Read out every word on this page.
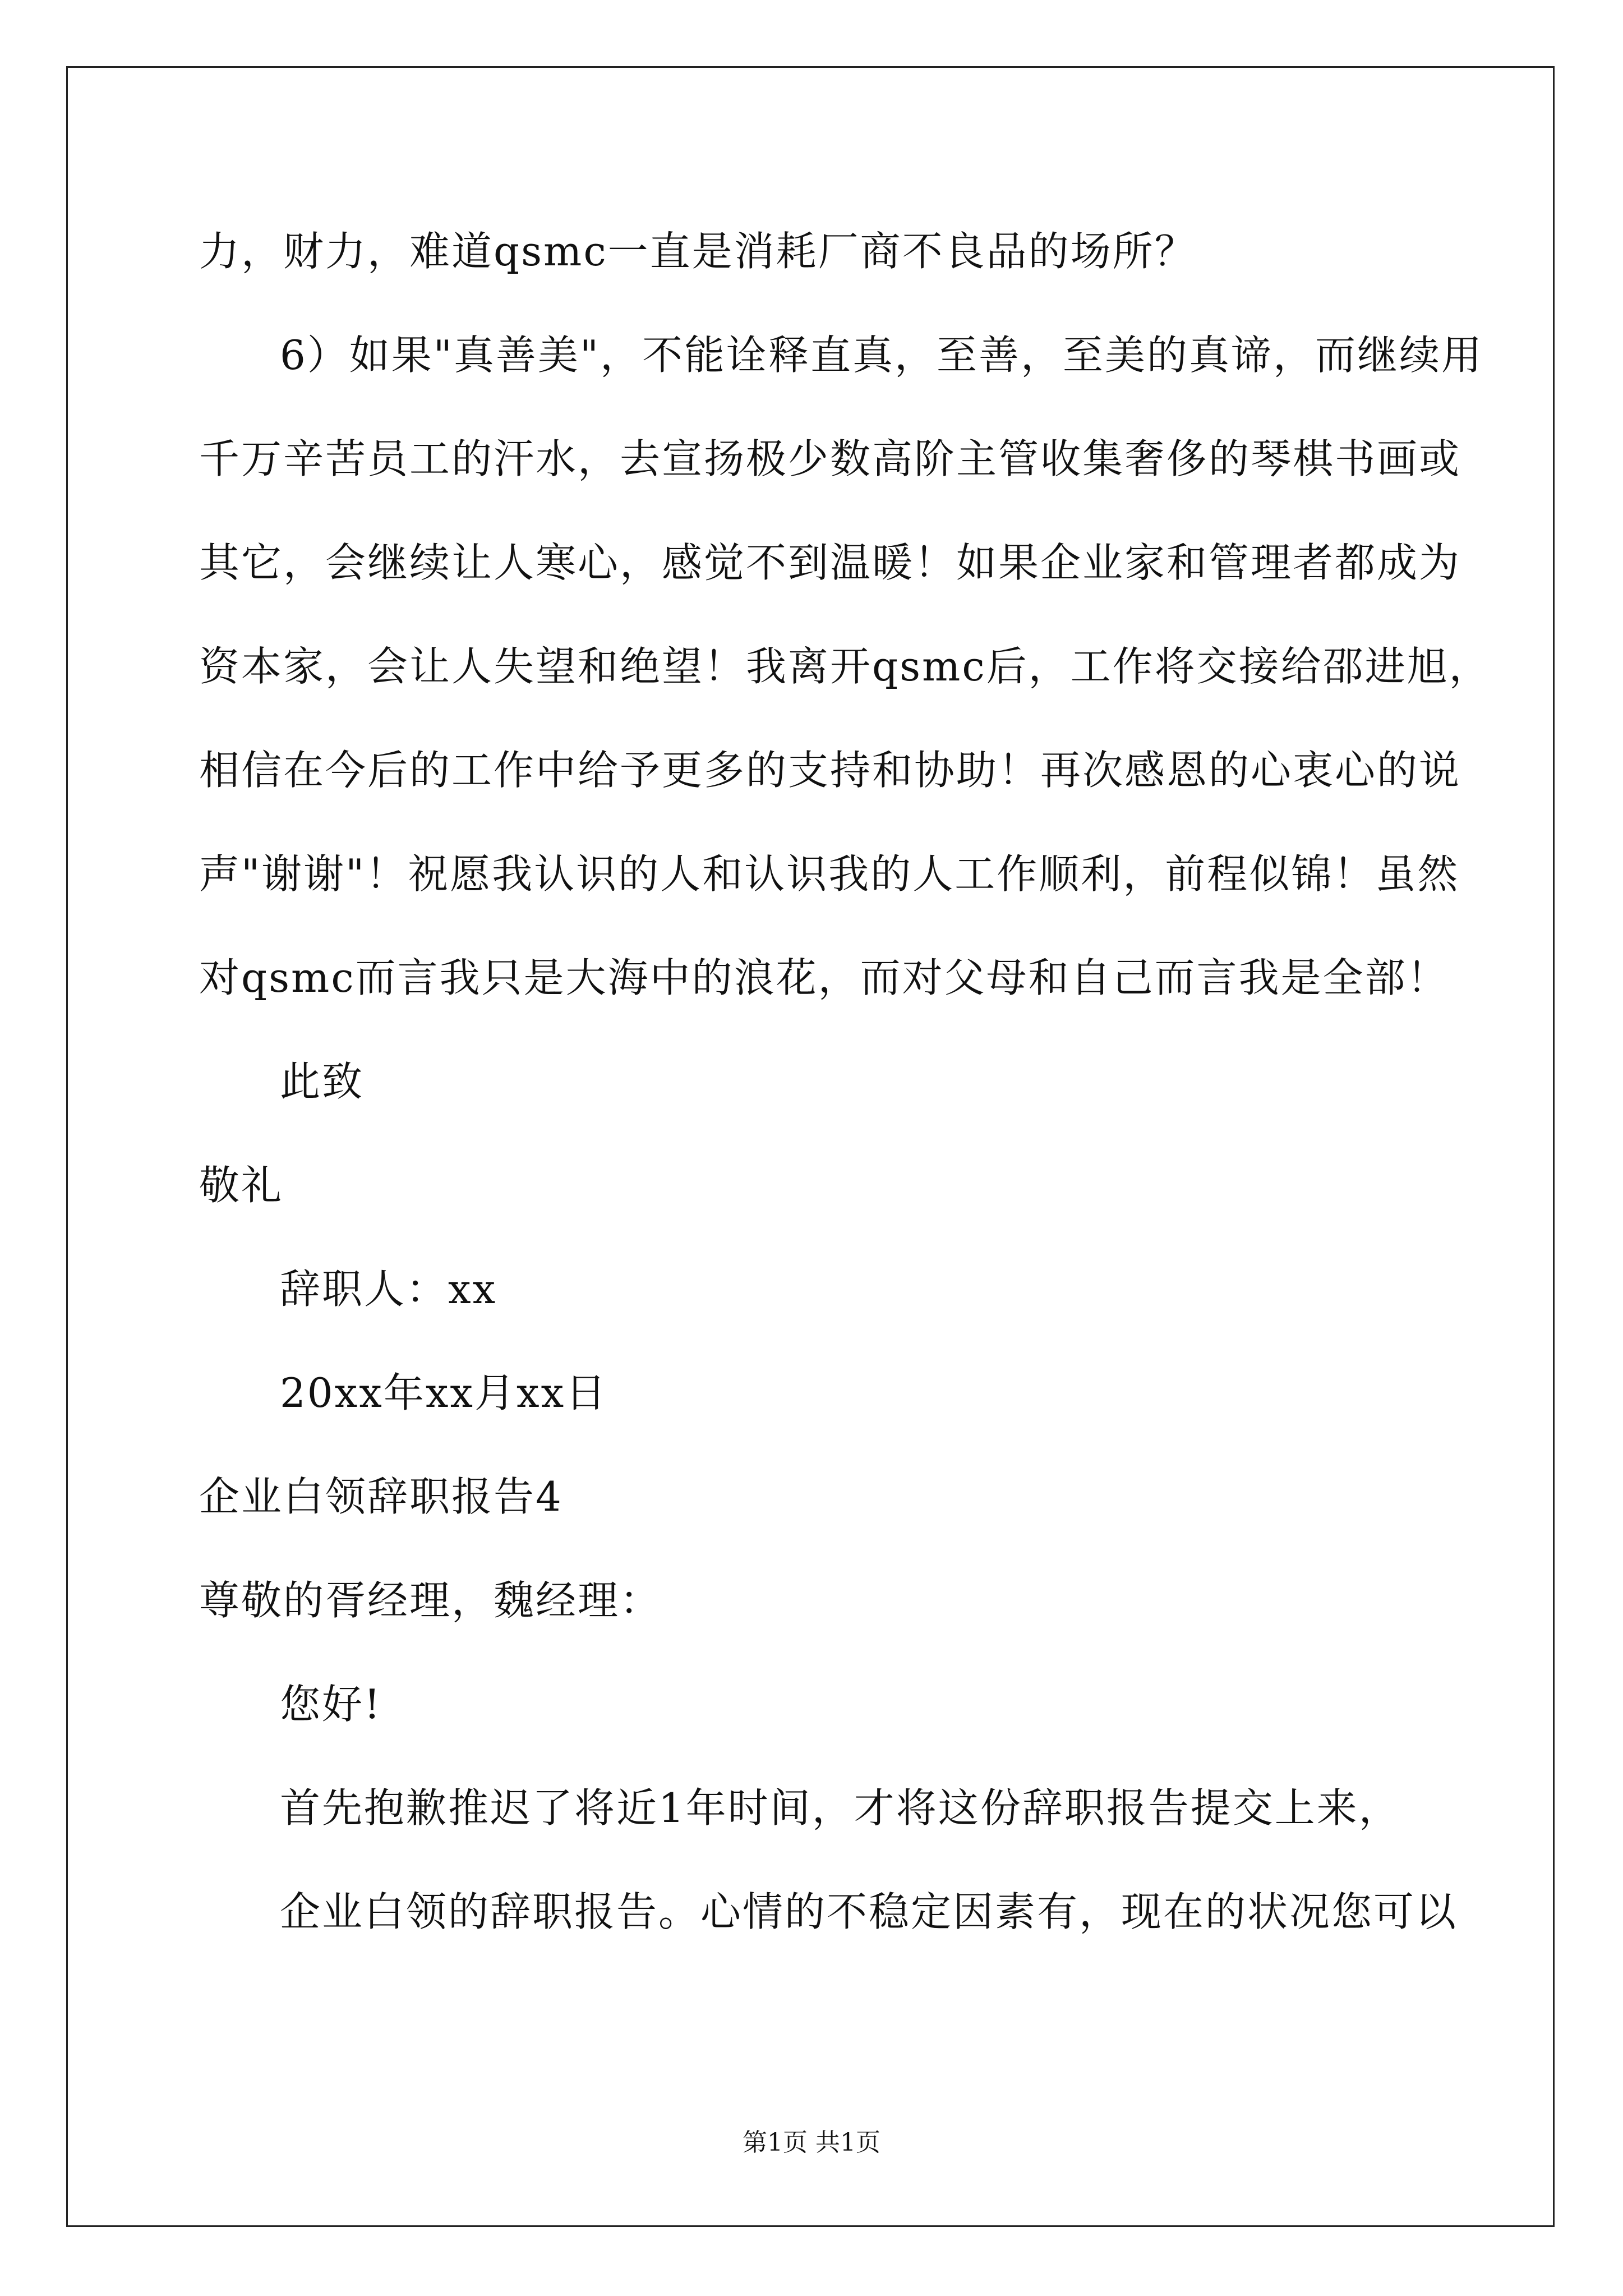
力，财力，难道qsmc一直是消耗厂商不良品的场所？
6）如果"真善美"，不能诠释直真，至善，至美的真谛，而继续用
千万辛苦员工的汗水，去宣扬极少数高阶主管收集奢侈的琴棋书画或
其它，会继续让人寒心，感觉不到温暖！如果企业家和管理者都成为
资本家，会让人失望和绝望！我离开qsmc后，工作将交接给邵进旭，
相信在今后的工作中给予更多的支持和协助！再次感恩的心衷心的说
声"谢谢"！祝愿我认识的人和认识我的人工作顺利，前程似锦！虽然
对qsmc而言我只是大海中的浪花，而对父母和自己而言我是全部！
此致
敬礼
辞职人：xx
20xx年xx月xx日
企业白领辞职报告4
尊敬的胥经理，魏经理：
您好!
首先抱歉推迟了将近1年时间，才将这份辞职报告提交上来，
企业白领的辞职报告。心情的不稳定因素有，现在的状况您可以
第1页 共1页
